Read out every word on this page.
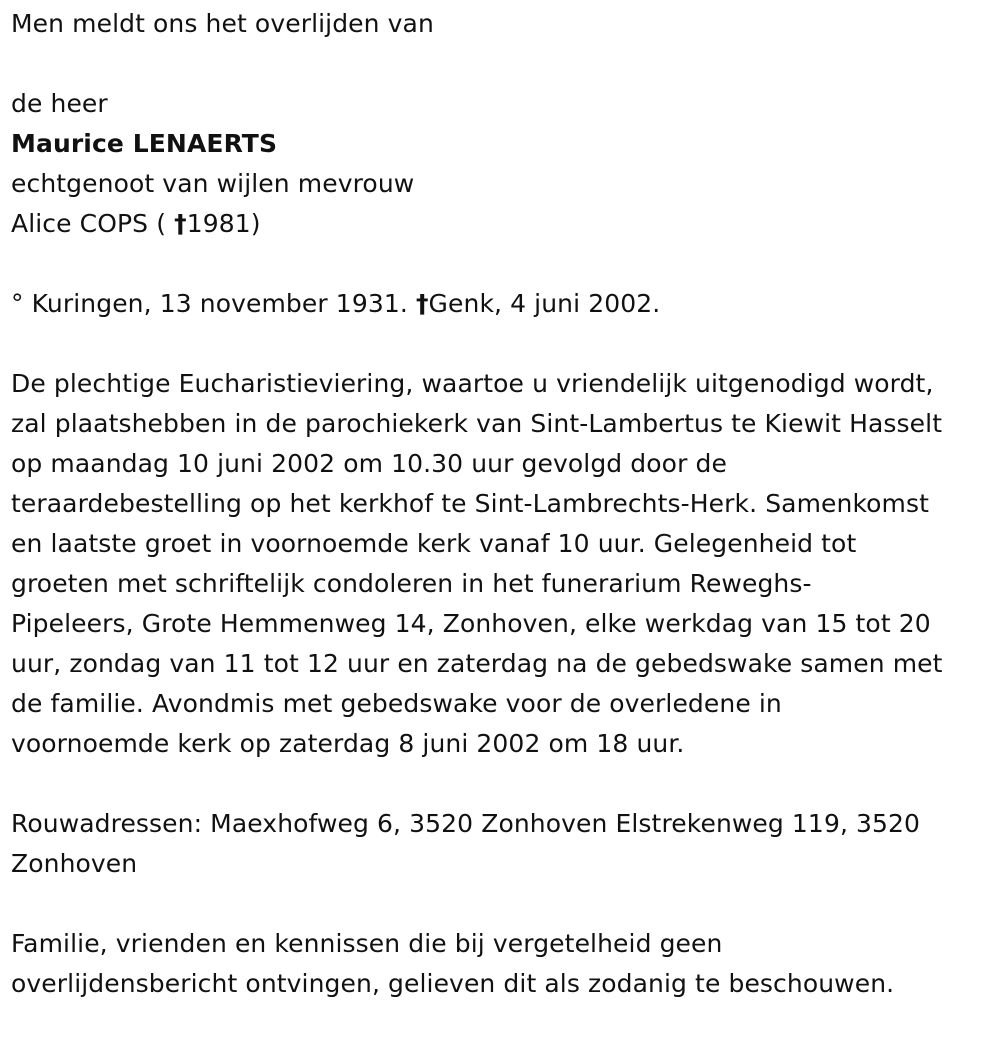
Men meldt ons het overlijden van
de heer
Maurice LENAERTS
echtgenoot van wijlen mevrouw
Alice COPS ( †1981)
° Kuringen, 13 november 1931. †Genk, 4 juni 2002.
De plechtige Eucharistieviering, waartoe u vriendelijk uitgenodigd wordt,
zal plaatshebben in de parochiekerk van Sint-Lambertus te Kiewit Hasselt
op maandag 10 juni 2002 om 10.30 uur gevolgd door de
teraardebestelling op het kerkhof te Sint-Lambrechts-Herk. Samenkomst
en laatste groet in voornoemde kerk vanaf 10 uur. Gelegenheid tot
groeten met schriftelijk condoleren in het funerarium Reweghs-
Pipeleers, Grote Hemmenweg 14, Zonhoven, elke werkdag van 15 tot 20
uur, zondag van 11 tot 12 uur en zaterdag na de gebedswake samen met
de familie. Avondmis met gebedswake voor de overledene in
voornoemde kerk op zaterdag 8 juni 2002 om 18 uur.
Rouwadressen: Maexhofweg 6, 3520 Zonhoven Elstrekenweg 119, 3520
Zonhoven
Familie, vrienden en kennissen die bij vergetelheid geen
overlijdensbericht ontvingen, gelieven dit als zodanig te beschouwen.
